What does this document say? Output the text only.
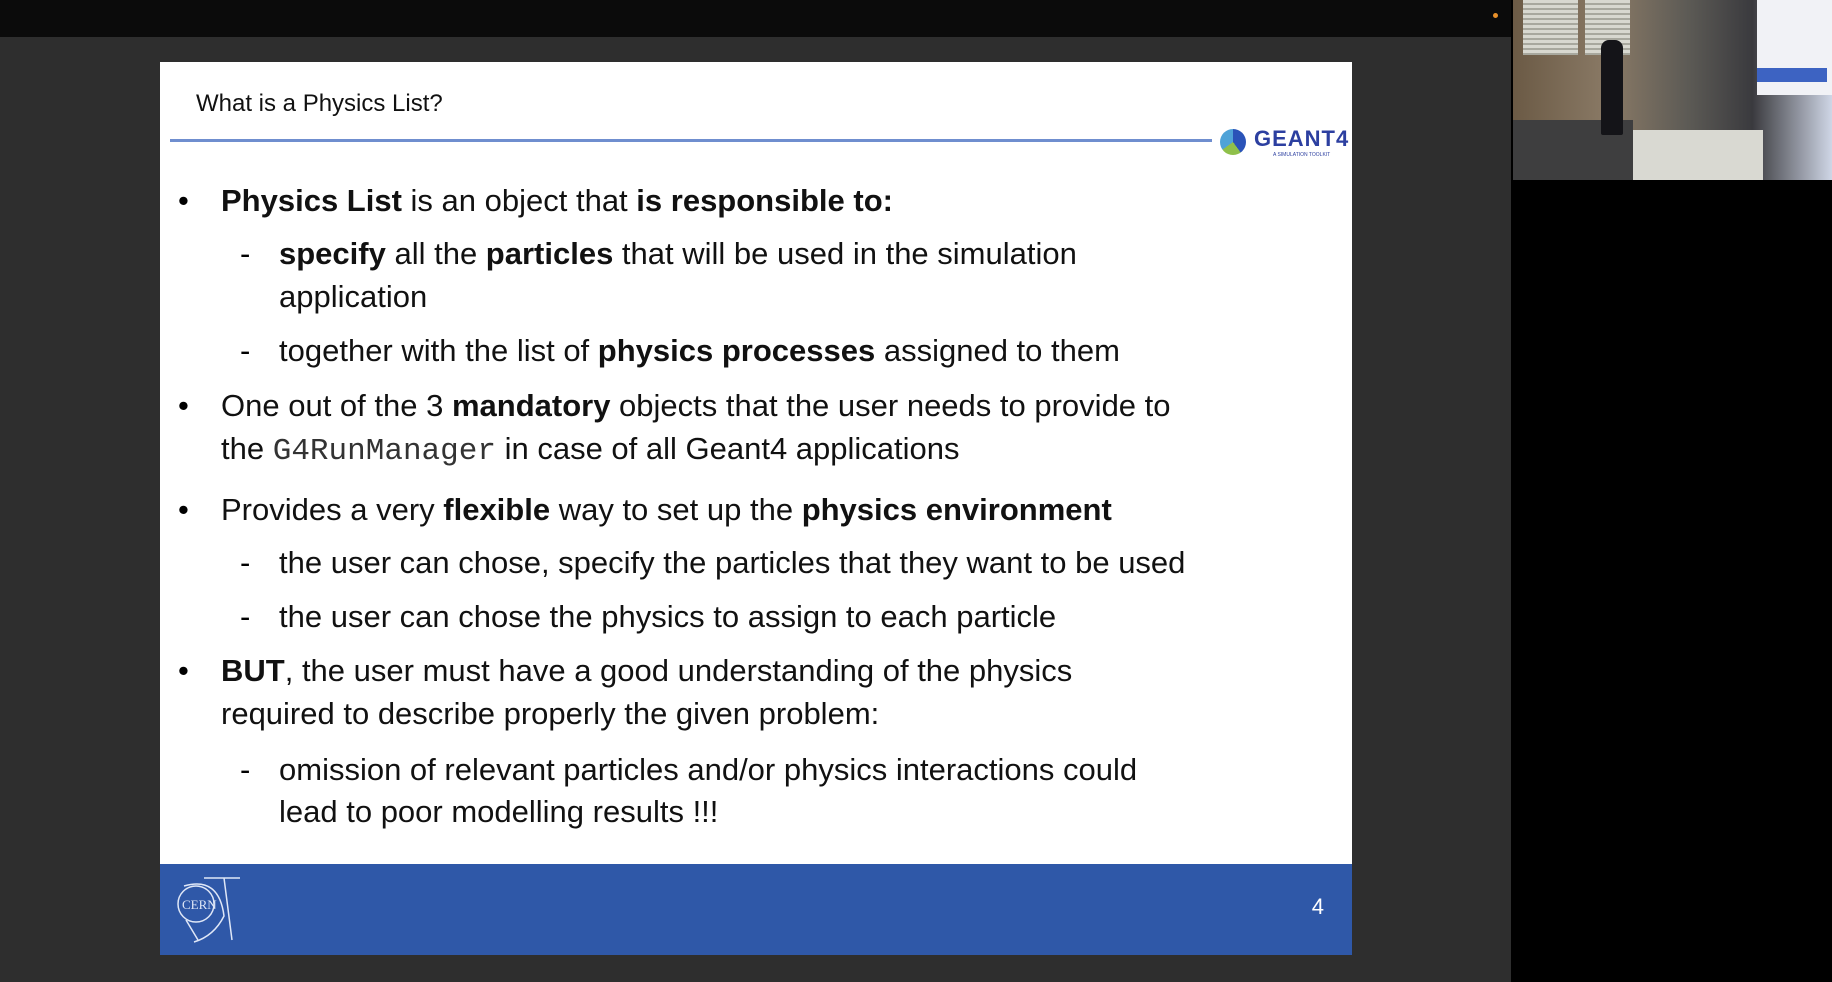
What is a Physics List?
GEANT4
A SIMULATION TOOLKIT
• Physics List is an object that is responsible to:
- specify all the particles that will be used in the simulation
application
- together with the list of physics processes assigned to them
• One out of the 3 mandatory objects that the user needs to provide to
the G4RunManager in case of all Geant4 applications
• Provides a very flexible way to set up the physics environment
- the user can chose, specify the particles that they want to be used
- the user can chose the physics to assign to each particle
• BUT, the user must have a good understanding of the physics
required to describe properly the given problem:
- omission of relevant particles and/or physics interactions could
lead to poor modelling results !!!
CERN	4
